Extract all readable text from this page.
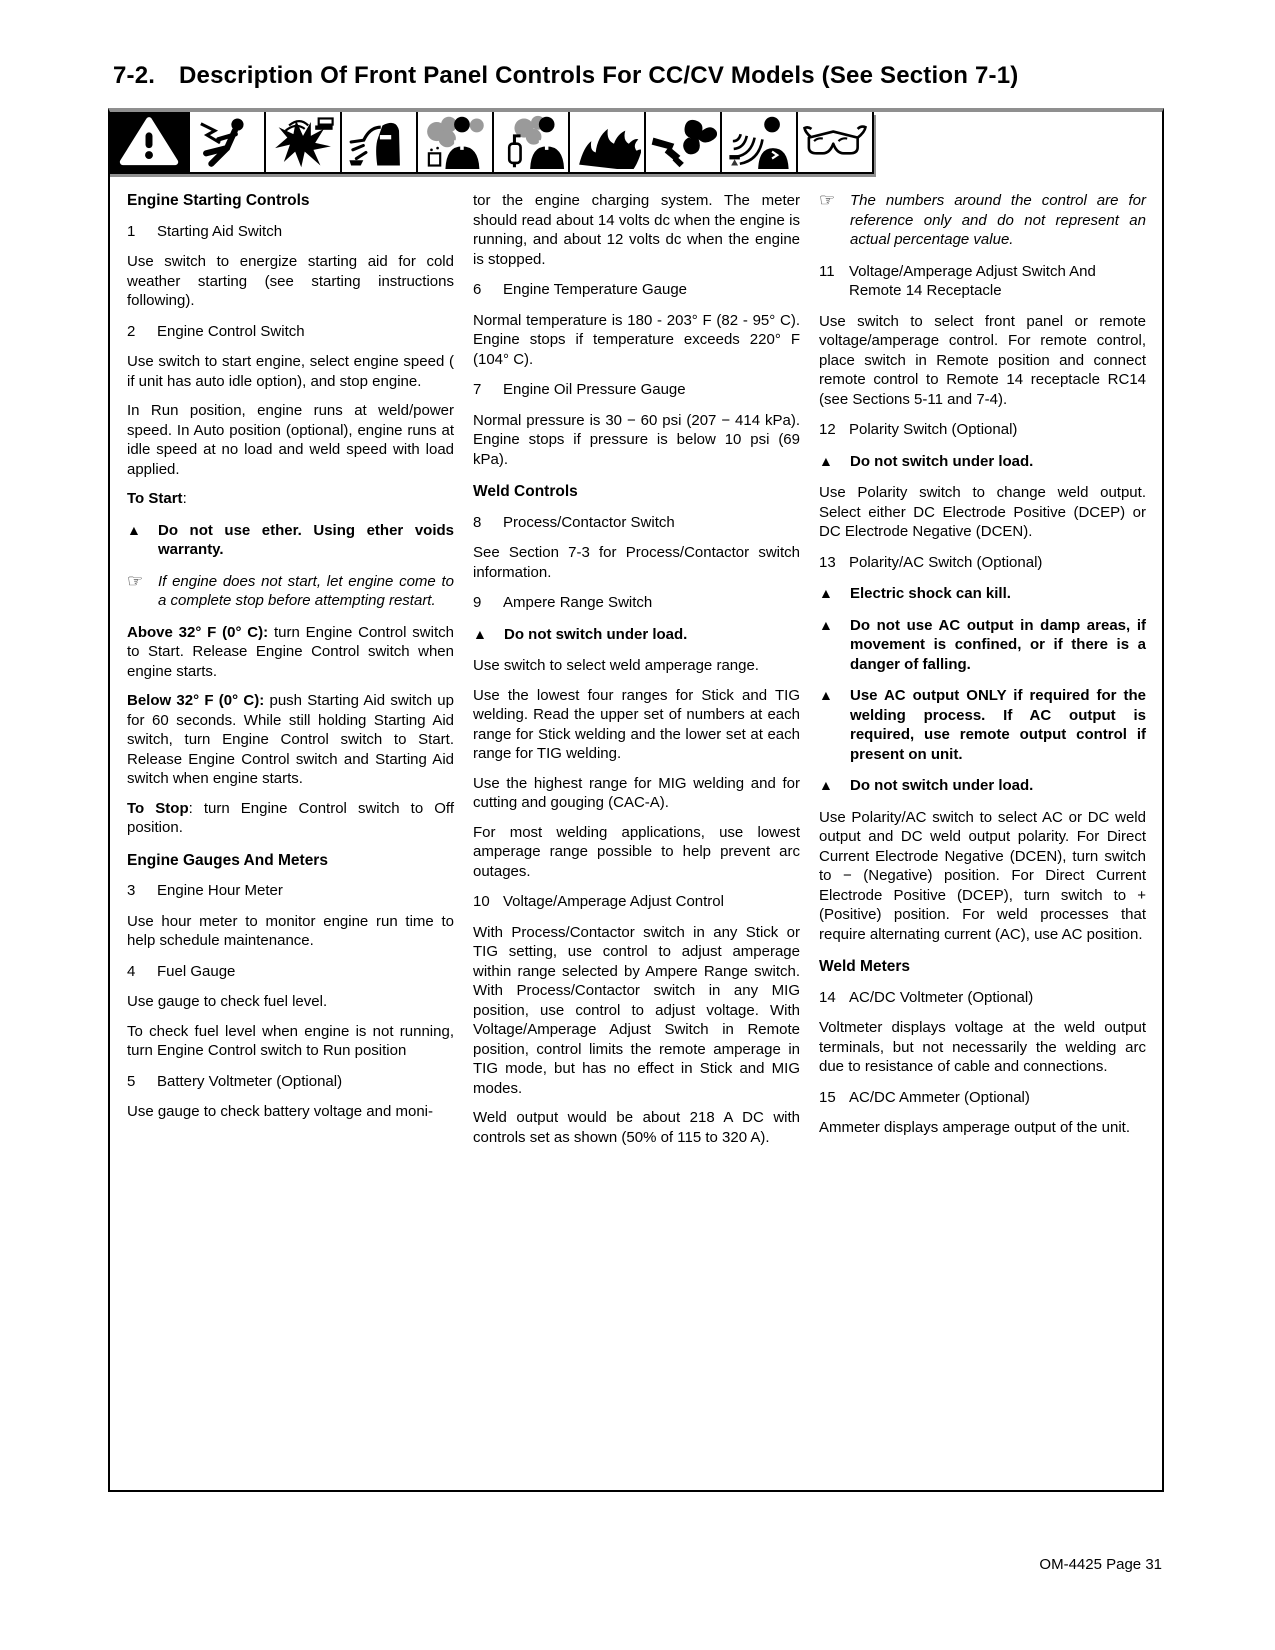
7-2. Description Of Front Panel Controls For CC/CV Models (See Section 7-1)
Engine Starting Controls
1	Starting Aid Switch
Use switch to energize starting aid for cold weather starting (see starting instructions following).
2	Engine Control Switch
Use switch to start engine, select engine speed ( if unit has auto idle option), and stop engine.
In Run position, engine runs at weld/power speed. In Auto position (optional), engine runs at idle speed at no load and weld speed with load applied.
To Start:
▲	Do not use ether. Using ether voids warranty.
☞ If engine does not start, let engine come to a complete stop before attempting restart.
Above 32° F (0° C): turn Engine Control switch to Start. Release Engine Control switch when engine starts.
Below 32° F (0° C): push Starting Aid switch up for 60 seconds. While still holding Starting Aid switch, turn Engine Control switch to Start. Release Engine Control switch and Starting Aid switch when engine starts.
To Stop: turn Engine Control switch to Off position.
Engine Gauges And Meters
3	Engine Hour Meter
Use hour meter to monitor engine run time to help schedule maintenance.
4	Fuel Gauge
Use gauge to check fuel level.
To check fuel level when engine is not running, turn Engine Control switch to Run position
5	Battery Voltmeter (Optional)
Use gauge to check battery voltage and moni-
tor the engine charging system. The meter should read about 14 volts dc when the engine is running, and about 12 volts dc when the engine is stopped.
6	Engine Temperature Gauge
Normal temperature is 180 - 203° F (82 - 95° C). Engine stops if temperature exceeds 220° F (104° C).
7	Engine Oil Pressure Gauge
Normal pressure is 30 − 60 psi (207 − 414 kPa). Engine stops if pressure is below 10 psi (69 kPa).
Weld Controls
8	Process/Contactor Switch
See Section 7-3 for Process/Contactor switch information.
9	Ampere Range Switch
▲	Do not switch under load.
Use switch to select weld amperage range.
Use the lowest four ranges for Stick and TIG welding. Read the upper set of numbers at each range for Stick welding and the lower set at each range for TIG welding.
Use the highest range for MIG welding and for cutting and gouging (CAC-A).
For most welding applications, use lowest amperage range possible to help prevent arc outages.
10 Voltage/Amperage Adjust Control
With Process/Contactor switch in any Stick or TIG setting, use control to adjust amperage within range selected by Ampere Range switch. With Process/Contactor switch in any MIG position, use control to adjust voltage. With Voltage/Amperage Adjust Switch in Remote position, control limits the remote amperage in TIG mode, but has no effect in Stick and MIG modes.
Weld output would be about 218 A DC with controls set as shown (50% of 115 to 320 A).
☞ The numbers around the control are for reference only and do not represent an actual percentage value.
11 Voltage/Amperage Adjust Switch And Remote 14 Receptacle
Use switch to select front panel or remote voltage/amperage control. For remote control, place switch in Remote position and connect remote control to Remote 14 receptacle RC14 (see Sections 5-11 and 7-4).
12 Polarity Switch (Optional)
▲	Do not switch under load.
Use Polarity switch to change weld output. Select either DC Electrode Positive (DCEP) or DC Electrode Negative (DCEN).
13 Polarity/AC Switch (Optional)
▲	Electric shock can kill.
▲	Do not use AC output in damp areas, if movement is confined, or if there is a danger of falling.
▲	Use AC output ONLY if required for the welding process. If AC output is required, use remote output control if present on unit.
▲	Do not switch under load.
Use Polarity/AC switch to select AC or DC weld output and DC weld output polarity. For Direct Current Electrode Negative (DCEN), turn switch to − (Negative) position. For Direct Current Electrode Positive (DCEP), turn switch to + (Positive) position. For weld processes that require alternating current (AC), use AC position.
Weld Meters
14 AC/DC Voltmeter (Optional)
Voltmeter displays voltage at the weld output terminals, but not necessarily the welding arc due to resistance of cable and connections.
15 AC/DC Ammeter (Optional)
Ammeter displays amperage output of the unit.
OM-4425 Page 31
